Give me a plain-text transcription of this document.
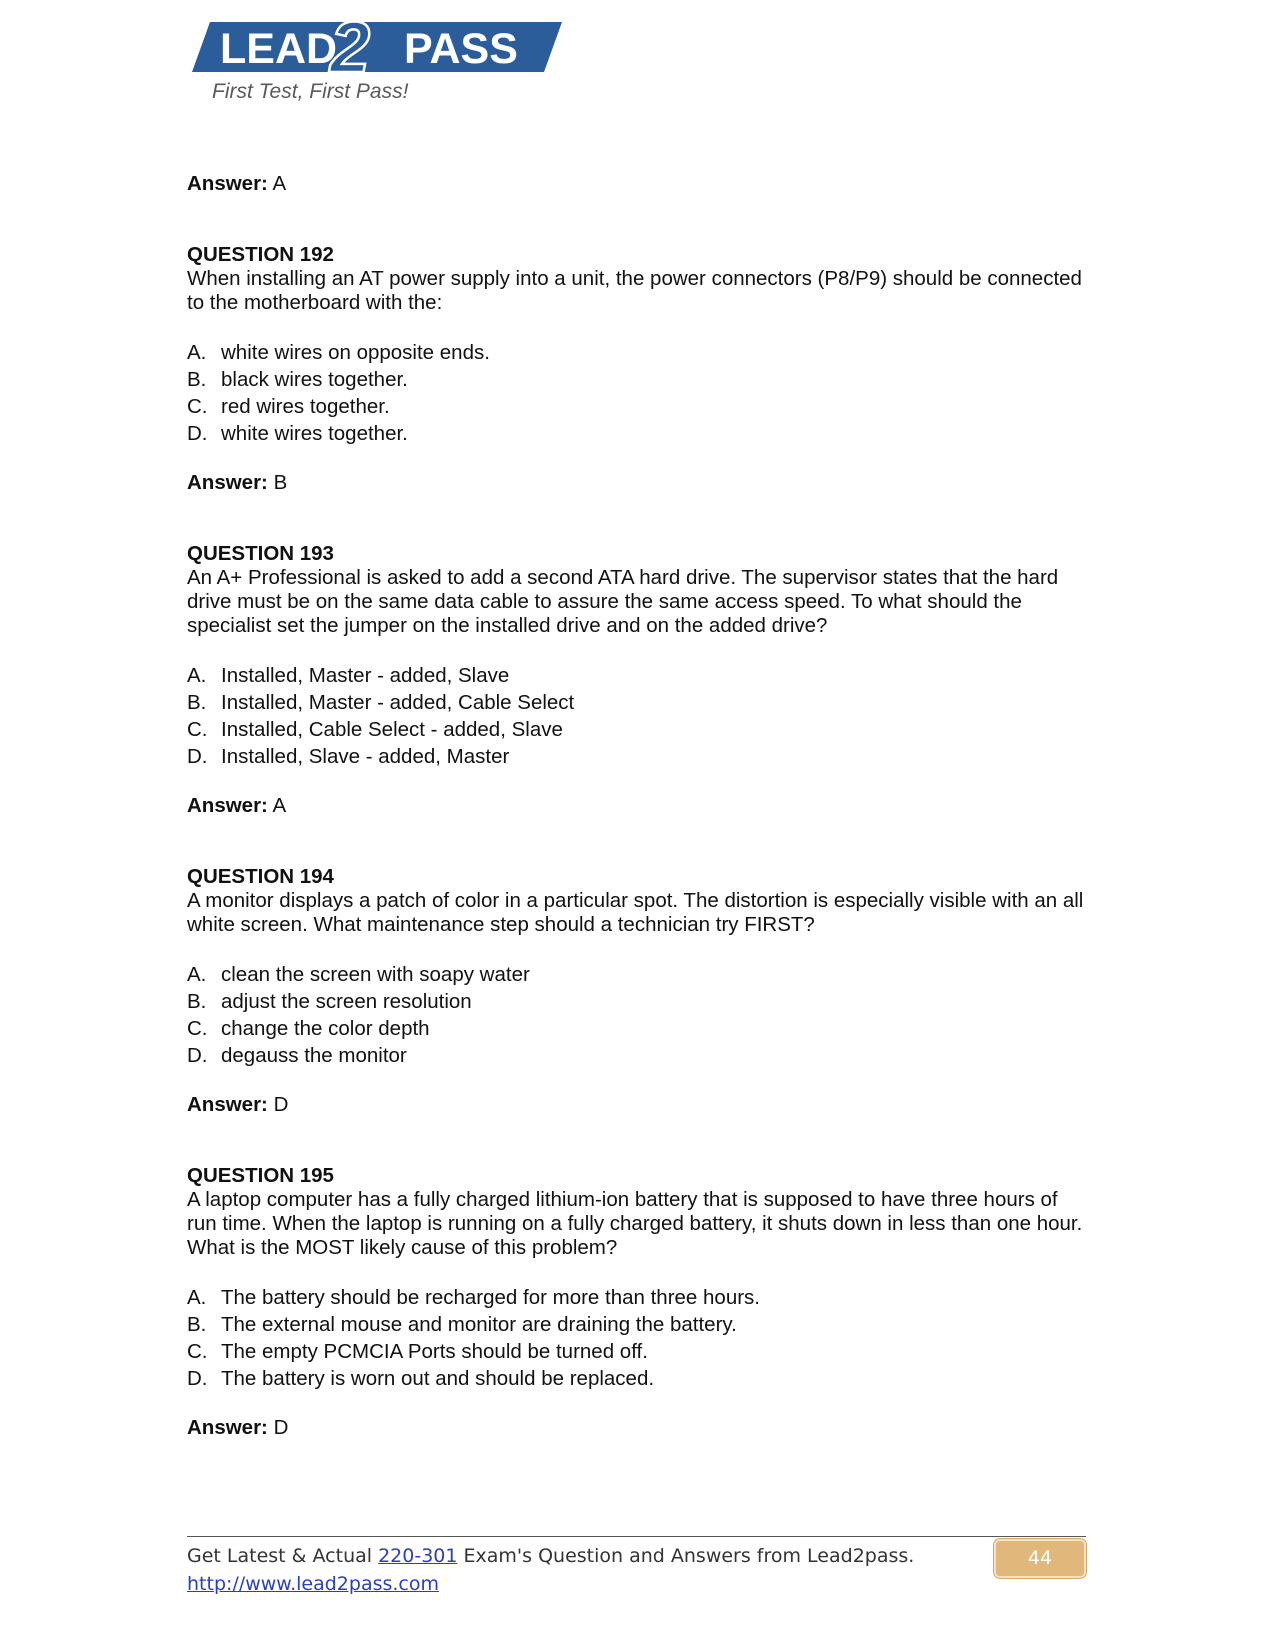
LEAD
2 PASS
First Test, First Pass!

Answer: A

QUESTION 192

When installing an AT power supply into a unit, the power connectors (P8/P9) should be connected to the motherboard with the:

A. white wires on opposite ends.
B. black wires together.
C. red wires together.
D. white wires together.

Answer: B

QUESTION 193

An A+ Professional is asked to add a second ATA hard drive. The supervisor states that the hard drive must be on the same data cable to assure the same access speed. To what should the specialist set the jumper on the installed drive and on the added drive?

A. Installed, Master - added, Slave
B. Installed, Master - added, Cable Select
C. Installed, Cable Select - added, Slave
D. Installed, Slave - added, Master

Answer: A

QUESTION 194

A monitor displays a patch of color in a particular spot. The distortion is especially visible with an all white screen. What maintenance step should a technician try FIRST?

A. clean the screen with soapy water
B. adjust the screen resolution
C. change the color depth
D. degauss the monitor

Answer: D

QUESTION 195

A laptop computer has a fully charged lithium-ion battery that is supposed to have three hours of run time. When the laptop is running on a fully charged battery, it shuts down in less than one hour. What is the MOST likely cause of this problem?

A. The battery should be recharged for more than three hours.
B. The external mouse and monitor are draining the battery.
C. The empty PCMCIA Ports should be turned off.
D. The battery is worn out and should be replaced.

Answer: D

Get Latest & Actual 220-301 Exam's Question and Answers from Lead2pass.
http://www.lead2pass.com
44
